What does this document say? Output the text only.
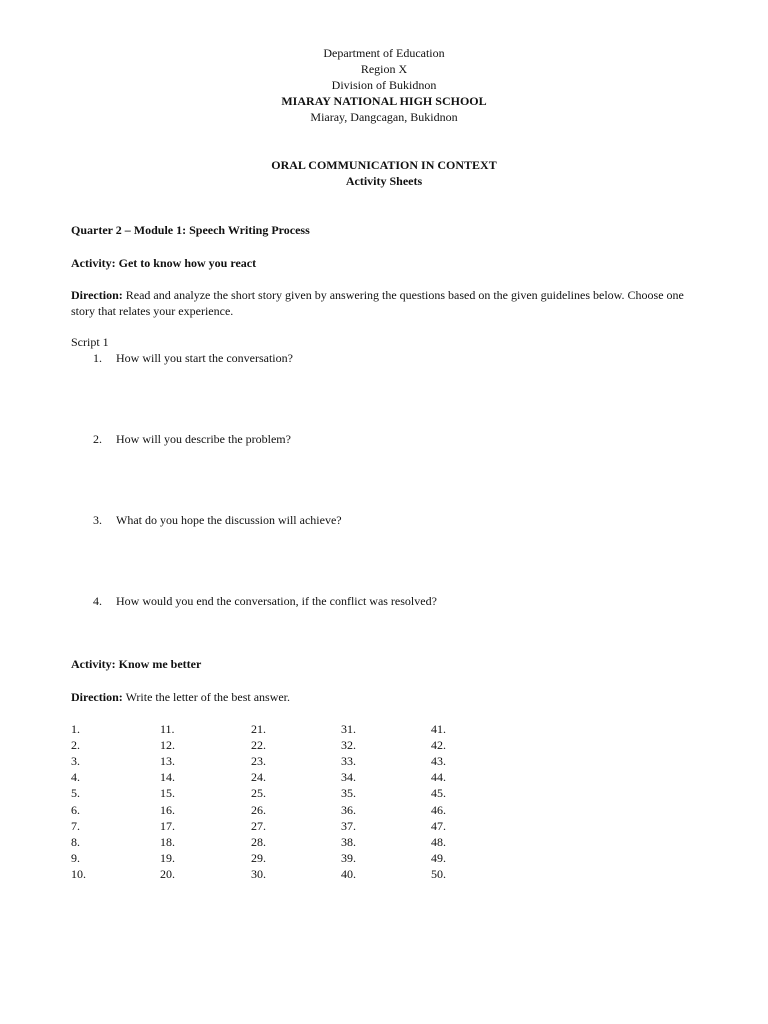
Department of Education
Region X
Division of Bukidnon
MIARAY NATIONAL HIGH SCHOOL
Miaray, Dangcagan, Bukidnon
ORAL COMMUNICATION IN CONTEXT
Activity Sheets
Quarter 2 – Module 1: Speech Writing Process
Activity: Get to know how you react
Direction: Read and analyze the short story given by answering the questions based on the given guidelines below. Choose one
story that relates your experience.
Script 1
1. How will you start the conversation?
2. How will you describe the problem?
3. What do you hope the discussion will achieve?
4. How would you end the conversation, if the conflict was resolved?
Activity: Know me better
Direction: Write the letter of the best answer.
1.
2.
3.
4.
5.
6.
7.
8.
9.
10.
11.
12.
13.
14.
15.
16.
17.
18.
19.
20.
21.
22.
23.
24.
25.
26.
27.
28.
29.
30.
31.
32.
33.
34.
35.
36.
37.
38.
39.
40.
41.
42.
43.
44.
45.
46.
47.
48.
49.
50.
